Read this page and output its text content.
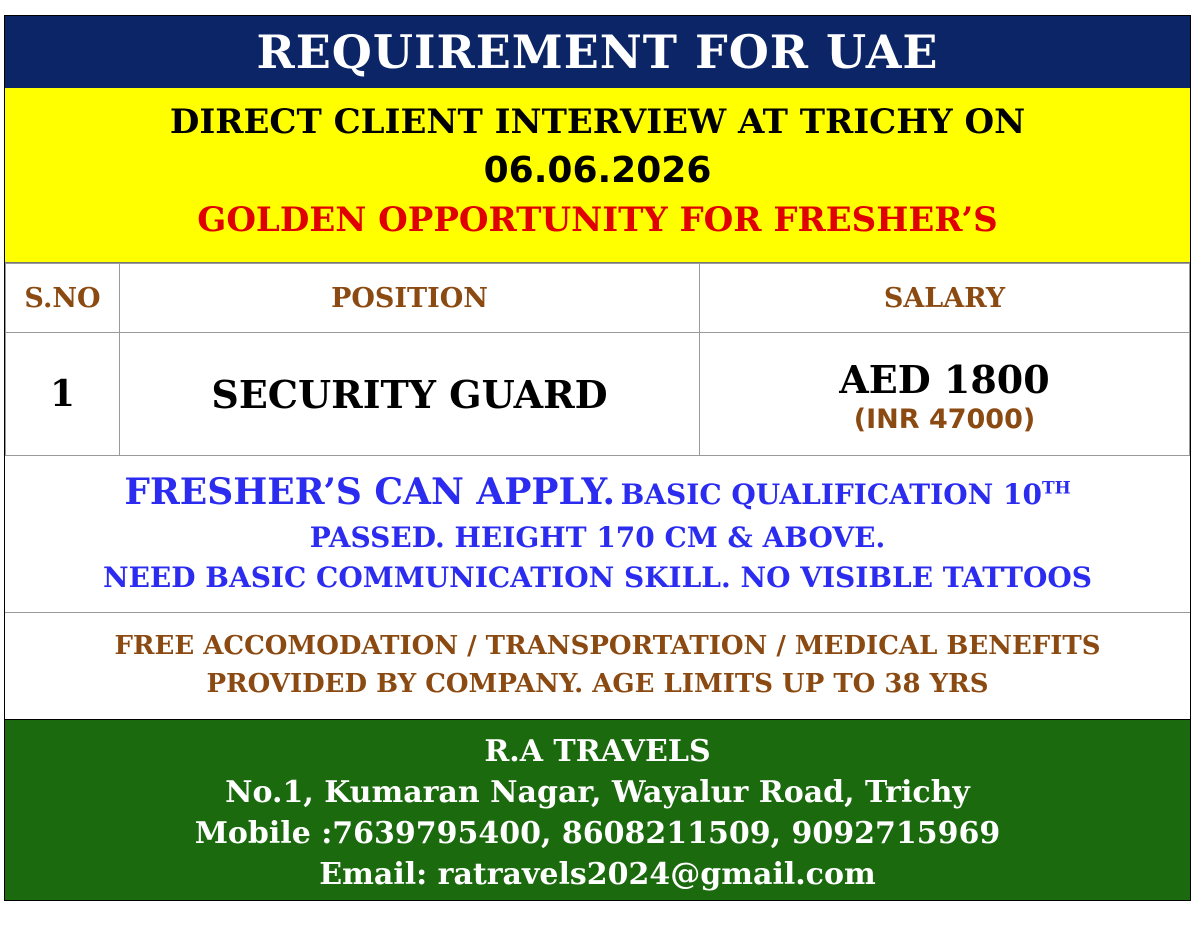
REQUIREMENT FOR UAE
DIRECT CLIENT INTERVIEW AT TRICHY ON
06.06.2026
GOLDEN OPPORTUNITY FOR FRESHER’S
S.NO	POSITION	SALARY
1	SECURITY GUARD	AED 1800
(INR 47000)
FRESHER’S CAN APPLY. BASIC QUALIFICATION 10TH
PASSED. HEIGHT 170 CM & ABOVE.
NEED BASIC COMMUNICATION SKILL. NO VISIBLE TATTOOS
FREE ACCOMODATION / TRANSPORTATION / MEDICAL BENEFITS
PROVIDED BY COMPANY. AGE LIMITS UP TO 38 YRS
R.A TRAVELS
No.1, Kumaran Nagar, Wayalur Road, Trichy
Mobile :7639795400, 8608211509, 9092715969
Email: ratravels2024@gmail.com
